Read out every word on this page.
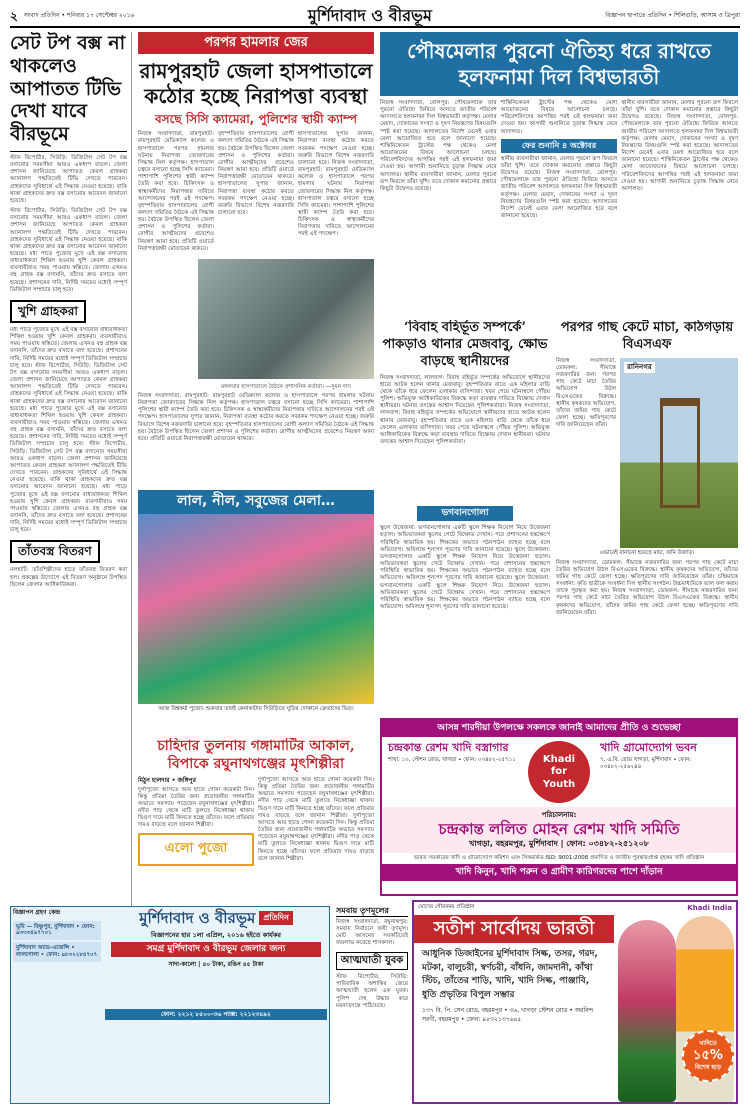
২ সংবাদ প্রতিদিন • শনিবার ১৭ সেপ্টেম্বর ২০১৬	মুর্শিদাবাদ ও বীরভূম	বিজ্ঞাপন ছাপাতে প্রতিদিন • শিলিগুড়ি, আসাম ও ত্রিপুরা
সেট টপ বক্স না থাকলেও আপাতত টিভি দেখা যাবে বীরভূমে
স্টাফ রিপোর্টার, সিউড়ি: ডিজিটাল সেট টপ বক্স বসানোর সময়সীমা আরও একধাপ বাড়ল। জেলা প্রশাসন জানিয়েছে আপাতত কেবল গ্রাহকরা অ্যানালগ পদ্ধতিতেই টিভি দেখতে পারবেন। গ্রাহকদের সুবিধার্থে এই সিদ্ধান্ত নেওয়া হয়েছে। বাকি থাকা গ্রাহকদের দ্রুত বক্স বসানোর আবেদন জানানো হয়েছে।
স্টাফ রিপোর্টার, সিউড়ি: ডিজিটাল সেট টপ বক্স বসানোর সময়সীমা আরও একধাপ বাড়ল। জেলা প্রশাসন জানিয়েছে আপাতত কেবল গ্রাহকরা অ্যানালগ পদ্ধতিতেই টিভি দেখতে পারবেন। গ্রাহকদের সুবিধার্থে এই সিদ্ধান্ত নেওয়া হয়েছে। বাকি থাকা গ্রাহকদের দ্রুত বক্স বসানোর আবেদন জানানো হয়েছে। মধ্য পাড়ে পুজোর মুখে এই বক্স বসানোর বাধ্যবাধকতা শিথিল হওয়ায় খুশি কেবল গ্রাহকরা। ব্যবসায়ীরাও সময় পাওয়ায় স্বস্তিতে। জেলায় এখনও বহু গ্রাহক বক্স বসাননি, তাঁদের দ্রুত বসাতে বলা হয়েছে। প্রশাসনের দাবি, নির্দিষ্ট সময়ের মধ্যেই সম্পূর্ণ ডিজিটাল সম্প্রচার চালু হবে।
খুশি গ্রাহকরা
মধ্য পাড়ে পুজোর মুখে এই বক্স বসানোর বাধ্যবাধকতা শিথিল হওয়ায় খুশি কেবল গ্রাহকরা। ব্যবসায়ীরাও সময় পাওয়ায় স্বস্তিতে। জেলায় এখনও বহু গ্রাহক বক্স বসাননি, তাঁদের দ্রুত বসাতে বলা হয়েছে। প্রশাসনের দাবি, নির্দিষ্ট সময়ের মধ্যেই সম্পূর্ণ ডিজিটাল সম্প্রচার চালু হবে। স্টাফ রিপোর্টার, সিউড়ি: ডিজিটাল সেট টপ বক্স বসানোর সময়সীমা আরও একধাপ বাড়ল। জেলা প্রশাসন জানিয়েছে আপাতত কেবল গ্রাহকরা অ্যানালগ পদ্ধতিতেই টিভি দেখতে পারবেন। গ্রাহকদের সুবিধার্থে এই সিদ্ধান্ত নেওয়া হয়েছে। বাকি থাকা গ্রাহকদের দ্রুত বক্স বসানোর আবেদন জানানো হয়েছে। মধ্য পাড়ে পুজোর মুখে এই বক্স বসানোর বাধ্যবাধকতা শিথিল হওয়ায় খুশি কেবল গ্রাহকরা। ব্যবসায়ীরাও সময় পাওয়ায় স্বস্তিতে। জেলায় এখনও বহু গ্রাহক বক্স বসাননি, তাঁদের দ্রুত বসাতে বলা হয়েছে। প্রশাসনের দাবি, নির্দিষ্ট সময়ের মধ্যেই সম্পূর্ণ ডিজিটাল সম্প্রচার চালু হবে। স্টাফ রিপোর্টার, সিউড়ি: ডিজিটাল সেট টপ বক্স বসানোর সময়সীমা আরও একধাপ বাড়ল। জেলা প্রশাসন জানিয়েছে আপাতত কেবল গ্রাহকরা অ্যানালগ পদ্ধতিতেই টিভি দেখতে পারবেন। গ্রাহকদের সুবিধার্থে এই সিদ্ধান্ত নেওয়া হয়েছে। বাকি থাকা গ্রাহকদের দ্রুত বক্স বসানোর আবেদন জানানো হয়েছে। মধ্য পাড়ে পুজোর মুখে এই বক্স বসানোর বাধ্যবাধকতা শিথিল হওয়ায় খুশি কেবল গ্রাহকরা। ব্যবসায়ীরাও সময় পাওয়ায় স্বস্তিতে। জেলায় এখনও বহু গ্রাহক বক্স বসাননি, তাঁদের দ্রুত বসাতে বলা হয়েছে। প্রশাসনের দাবি, নির্দিষ্ট সময়ের মধ্যেই সম্পূর্ণ ডিজিটাল সম্প্রচার চালু হবে।
তাঁতবস্ত্র বিতরণ
নলহাটি: তাঁতশিল্পীদের হাতে তাঁতবস্ত্র বিতরণ করা হল। প্রকল্পের উদ্যোগে এই বিতরণ অনুষ্ঠানে উপস্থিত ছিলেন জেলার আধিকারিকরা।
পরপর হামলার জের
রামপুরহাট জেলা হাসপাতালে কঠোর হচ্ছে নিরাপত্তা ব্যবস্থা
বসছে সিসি ক্যামেরা, পুলিশের স্থায়ী ক্যাম্প
নিজস্ব সংবাদদাতা, রামপুরহাট: রামপুরহাট মেডিক্যাল কলেজ ও হাসপাতালে পরপর হামলার ঘটনায় নিরাপত্তা জোরদারের সিদ্ধান্ত নিল কর্তৃপক্ষ। হাসপাতাল চত্বরে বসানো হচ্ছে সিসি ক্যামেরা। পাশাপাশি পুলিশের স্থায়ী ক্যাম্প তৈরি করা হবে। চিকিৎসক ও স্বাস্থ্যকর্মীদের নিরাপত্তার দাবিতে আন্দোলনের পরই এই পদক্ষেপ। বৃহস্পতিবার হাসপাতালের রোগী কল্যাণ সমিতির বৈঠকে এই সিদ্ধান্ত হয়। বৈঠকে উপস্থিত ছিলেন জেলা প্রশাসন ও পুলিশের কর্তারা। রোগীর আত্মীয়দের প্রবেশেও নিয়ন্ত্রণ আনা হবে। প্রতিটি ওয়ার্ডে নিরাপত্তারক্ষী মোতায়েন থাকবে।
বৃহস্পতিবার হাসপাতালের রোগী কল্যাণ সমিতির বৈঠকে এই সিদ্ধান্ত হয়। বৈঠকে উপস্থিত ছিলেন জেলা প্রশাসন ও পুলিশের কর্তারা। রোগীর আত্মীয়দের প্রবেশেও নিয়ন্ত্রণ আনা হবে। প্রতিটি ওয়ার্ডে নিরাপত্তারক্ষী মোতায়েন থাকবে। হাসপাতালের সুপার জানান, নিরাপত্তা ব্যবস্থা কঠোর করতে সবরকম পদক্ষেপ নেওয়া হচ্ছে। জরুরি বিভাগে বিশেষ নজরদারি চালানো হবে।
হাসপাতালের সুপার জানান, নিরাপত্তা ব্যবস্থা কঠোর করতে সবরকম পদক্ষেপ নেওয়া হচ্ছে। জরুরি বিভাগে বিশেষ নজরদারি চালানো হবে। নিজস্ব সংবাদদাতা, রামপুরহাট: রামপুরহাট মেডিক্যাল কলেজ ও হাসপাতালে পরপর হামলার ঘটনায় নিরাপত্তা জোরদারের সিদ্ধান্ত নিল কর্তৃপক্ষ। হাসপাতাল চত্বরে বসানো হচ্ছে সিসি ক্যামেরা। পাশাপাশি পুলিশের স্থায়ী ক্যাম্প তৈরি করা হবে। চিকিৎসক ও স্বাস্থ্যকর্মীদের নিরাপত্তার দাবিতে আন্দোলনের পরই এই পদক্ষেপ।
মঙ্গলবার হাসপাতালে বৈঠকে প্রশাসনিক কর্তারা। —সুমন দাস
নিজস্ব সংবাদদাতা, রামপুরহাট: রামপুরহাট মেডিক্যাল কলেজ ও হাসপাতালে পরপর হামলার ঘটনায় নিরাপত্তা জোরদারের সিদ্ধান্ত নিল কর্তৃপক্ষ। হাসপাতাল চত্বরে বসানো হচ্ছে সিসি ক্যামেরা। পাশাপাশি পুলিশের স্থায়ী ক্যাম্প তৈরি করা হবে। চিকিৎসক ও স্বাস্থ্যকর্মীদের নিরাপত্তার দাবিতে আন্দোলনের পরই এই পদক্ষেপ। হাসপাতালের সুপার জানান, নিরাপত্তা ব্যবস্থা কঠোর করতে সবরকম পদক্ষেপ নেওয়া হচ্ছে। জরুরি বিভাগে বিশেষ নজরদারি চালানো হবে। বৃহস্পতিবার হাসপাতালের রোগী কল্যাণ সমিতির বৈঠকে এই সিদ্ধান্ত হয়। বৈঠকে উপস্থিত ছিলেন জেলা প্রশাসন ও পুলিশের কর্তারা। রোগীর আত্মীয়দের প্রবেশেও নিয়ন্ত্রণ আনা হবে। প্রতিটি ওয়ার্ডে নিরাপত্তারক্ষী মোতায়েন থাকবে।
লাল, নীল, সবুজের মেলা…
আজ বিশ্বকর্মা পুজো। শুক্রবার তারই কেনাকাটায় সিউড়িতে ঘুড়ির দোকানে ক্রেতাদের ভিড়।
চাহিদার তুলনায় গঙ্গামাটির আকাল, বিপাকে রঘুনাথগঞ্জের মৃৎশিল্পীরা
মিঠুন হালদার • জঙ্গিপুর
দুর্গাপুজো আসতে আর হাতে গোনা কয়েকটা দিন। কিন্তু প্রতিমা তৈরির জন্য প্রয়োজনীয় গঙ্গামাটির অভাবে সমস্যায় পড়েছেন রঘুনাথগঞ্জের মৃৎশিল্পীরা। নদীর পাড় থেকে মাটি তুলতে নিষেধাজ্ঞা থাকায় দ্বিগুণ দামে মাটি কিনতে হচ্ছে তাঁদের। ফলে প্রতিমার দামও বাড়ছে বলে জানান শিল্পীরা।
এলো পুজো
দুর্গাপুজো আসতে আর হাতে গোনা কয়েকটা দিন। কিন্তু প্রতিমা তৈরির জন্য প্রয়োজনীয় গঙ্গামাটির অভাবে সমস্যায় পড়েছেন রঘুনাথগঞ্জের মৃৎশিল্পীরা। নদীর পাড় থেকে মাটি তুলতে নিষেধাজ্ঞা থাকায় দ্বিগুণ দামে মাটি কিনতে হচ্ছে তাঁদের। ফলে প্রতিমার দামও বাড়ছে বলে জানান শিল্পীরা। দুর্গাপুজো আসতে আর হাতে গোনা কয়েকটা দিন। কিন্তু প্রতিমা তৈরির জন্য প্রয়োজনীয় গঙ্গামাটির অভাবে সমস্যায় পড়েছেন রঘুনাথগঞ্জের মৃৎশিল্পীরা। নদীর পাড় থেকে মাটি তুলতে নিষেধাজ্ঞা থাকায় দ্বিগুণ দামে মাটি কিনতে হচ্ছে তাঁদের। ফলে প্রতিমার দামও বাড়ছে বলে জানান শিল্পীরা।
পৌষমেলার পুরনো ঐতিহ্য ধরে রাখতে হলফনামা দিল বিশ্বভারতী
নিজস্ব সংবাদদাতা, বোলপুর: পৌষমেলাকে তার পুরনো ঐতিহ্যে ফিরিয়ে আনতে জাতীয় পরিবেশ আদালতে হলফনামা দিল বিশ্বভারতী কর্তৃপক্ষ। মেলার মেয়াদ, দোকানের সংখ্যা ও দূষণ নিয়ন্ত্রণের বিষয়গুলি স্পষ্ট করা হয়েছে। আদালতের নির্দেশ মেনেই এবার মেলা আয়োজিত হবে বলে জানানো হয়েছে। শান্তিনিকেতন ট্রাস্টের পক্ষ থেকেও মেলা আয়োজনের বিষয়ে আলোচনা চলছে। পরিবেশবিদদের আপত্তির পরই এই হলফনামা জমা দেওয়া হয়। আগামী শুনানিতে চূড়ান্ত সিদ্ধান্ত নেবে আদালত। স্থানীয় ব্যবসায়ীরা জানান, মেলার পুরনো রূপ ফিরলে তাঁরা খুশি। তবে দোকান কমানোর প্রস্তাবে কিছুটা উদ্বেগও রয়েছে।
শান্তিনিকেতন ট্রাস্টের পক্ষ থেকেও মেলা আয়োজনের বিষয়ে আলোচনা চলছে। পরিবেশবিদদের আপত্তির পরই এই হলফনামা জমা দেওয়া হয়। আগামী শুনানিতে চূড়ান্ত সিদ্ধান্ত নেবে আদালত।
ফের শুনানি ৪ অক্টোবর
স্থানীয় ব্যবসায়ীরা জানান, মেলার পুরনো রূপ ফিরলে তাঁরা খুশি। তবে দোকান কমানোর প্রস্তাবে কিছুটা উদ্বেগও রয়েছে। নিজস্ব সংবাদদাতা, বোলপুর: পৌষমেলাকে তার পুরনো ঐতিহ্যে ফিরিয়ে আনতে জাতীয় পরিবেশ আদালতে হলফনামা দিল বিশ্বভারতী কর্তৃপক্ষ। মেলার মেয়াদ, দোকানের সংখ্যা ও দূষণ নিয়ন্ত্রণের বিষয়গুলি স্পষ্ট করা হয়েছে। আদালতের নির্দেশ মেনেই এবার মেলা আয়োজিত হবে বলে জানানো হয়েছে।
স্থানীয় ব্যবসায়ীরা জানান, মেলার পুরনো রূপ ফিরলে তাঁরা খুশি। তবে দোকান কমানোর প্রস্তাবে কিছুটা উদ্বেগও রয়েছে। নিজস্ব সংবাদদাতা, বোলপুর: পৌষমেলাকে তার পুরনো ঐতিহ্যে ফিরিয়ে আনতে জাতীয় পরিবেশ আদালতে হলফনামা দিল বিশ্বভারতী কর্তৃপক্ষ। মেলার মেয়াদ, দোকানের সংখ্যা ও দূষণ নিয়ন্ত্রণের বিষয়গুলি স্পষ্ট করা হয়েছে। আদালতের নির্দেশ মেনেই এবার মেলা আয়োজিত হবে বলে জানানো হয়েছে। শান্তিনিকেতন ট্রাস্টের পক্ষ থেকেও মেলা আয়োজনের বিষয়ে আলোচনা চলছে। পরিবেশবিদদের আপত্তির পরই এই হলফনামা জমা দেওয়া হয়। আগামী শুনানিতে চূড়ান্ত সিদ্ধান্ত নেবে আদালত।
‘বিবাহ বহির্ভূত সম্পর্কে’ পাকড়াও থানার মেজবাবু, ক্ষোভ বাড়ছে স্থানীয়দের
নিজস্ব সংবাদদাতা, লালবাগ: বিবাহ বহির্ভূত সম্পর্কের অভিযোগে স্থানীয়দের হাতে আটক হলেন থানার মেজবাবু। বৃহস্পতিবার রাতে এক মহিলার বাড়ি থেকে তাঁকে ধরে ফেলেন এলাকার বাসিন্দারা। খবর পেয়ে ঘটনাস্থলে পৌঁছয় পুলিশ। অভিযুক্ত আধিকারিকের বিরুদ্ধে কড়া ব্যবস্থার দাবিতে বিক্ষোভ দেখান স্থানীয়রা। ঘটনার তদন্তের আশ্বাস দিয়েছেন পুলিশকর্তারা। নিজস্ব সংবাদদাতা, লালবাগ: বিবাহ বহির্ভূত সম্পর্কের অভিযোগে স্থানীয়দের হাতে আটক হলেন থানার মেজবাবু। বৃহস্পতিবার রাতে এক মহিলার বাড়ি থেকে তাঁকে ধরে ফেলেন এলাকার বাসিন্দারা। খবর পেয়ে ঘটনাস্থলে পৌঁছয় পুলিশ। অভিযুক্ত আধিকারিকের বিরুদ্ধে কড়া ব্যবস্থার দাবিতে বিক্ষোভ দেখান স্থানীয়রা। ঘটনার তদন্তের আশ্বাস দিয়েছেন পুলিশকর্তারা।
ভগবানগোলা
স্কুলে উত্তেজনা: ভগবানগোলার একটি স্কুলে শিক্ষক নিয়োগ নিয়ে উত্তেজনা ছড়াল। অভিভাবকরা স্কুলের গেটে বিক্ষোভ দেখান। পরে প্রশাসনের হস্তক্ষেপে পরিস্থিতি স্বাভাবিক হয়। শিক্ষকের অভাবে পঠনপাঠন ব্যাহত হচ্ছে বলে অভিযোগ। অবিলম্বে শূন্যপদ পূরণের দাবি জানানো হয়েছে। স্কুলে উত্তেজনা: ভগবানগোলার একটি স্কুলে শিক্ষক নিয়োগ নিয়ে উত্তেজনা ছড়াল। অভিভাবকরা স্কুলের গেটে বিক্ষোভ দেখান। পরে প্রশাসনের হস্তক্ষেপে পরিস্থিতি স্বাভাবিক হয়। শিক্ষকের অভাবে পঠনপাঠন ব্যাহত হচ্ছে বলে অভিযোগ। অবিলম্বে শূন্যপদ পূরণের দাবি জানানো হয়েছে। স্কুলে উত্তেজনা: ভগবানগোলার একটি স্কুলে শিক্ষক নিয়োগ নিয়ে উত্তেজনা ছড়াল। অভিভাবকরা স্কুলের গেটে বিক্ষোভ দেখান। পরে প্রশাসনের হস্তক্ষেপে পরিস্থিতি স্বাভাবিক হয়। শিক্ষকের অভাবে পঠনপাঠন ব্যাহত হচ্ছে বলে অভিযোগ। অবিলম্বে শূন্যপদ পূরণের দাবি জানানো হয়েছে।
পরপর গাছ কেটে মাচা, কাঠগড়ায় বিএসএফ
নিজস্ব সংবাদদাতা, ডোমকল: সীমান্তে নজরদারির জন্য পরপর গাছ কেটে মাচা তৈরির অভিযোগ উঠল বিএসএফের বিরুদ্ধে। স্থানীয় কৃষকদের অভিযোগ, তাঁদের জমির গাছ কেটে ফেলা হচ্ছে। ক্ষতিপূরণের দাবি জানিয়েছেন তাঁরা।
রানিনগর
এভাবেই বানানো হয়েছে মাচা, জমি উজাড়।
নিজস্ব সংবাদদাতা, ডোমকল: সীমান্তে নজরদারির জন্য পরপর গাছ কেটে মাচা তৈরির অভিযোগ উঠল বিএসএফের বিরুদ্ধে। স্থানীয় কৃষকদের অভিযোগ, তাঁদের জমির গাছ কেটে ফেলা হচ্ছে। ক্ষতিপূরণের দাবি জানিয়েছেন তাঁরা। চন্দ্রিমাকে সংবর্ধনা: কৃতি ছাত্রীকে সংবর্ধনা দিল স্থানীয় সংগঠন। উচ্চমাধ্যমিকে ভাল ফল করায় তাকে পুরস্কৃত করা হয়। নিজস্ব সংবাদদাতা, ডোমকল: সীমান্তে নজরদারির জন্য পরপর গাছ কেটে মাচা তৈরির অভিযোগ উঠল বিএসএফের বিরুদ্ধে। স্থানীয় কৃষকদের অভিযোগ, তাঁদের জমির গাছ কেটে ফেলা হচ্ছে। ক্ষতিপূরণের দাবি জানিয়েছেন তাঁরা।
আসন্ন শারদীয়া উপলক্ষে সকলকে জানাই আমাদের প্রীতি ও শুভেচ্ছা
চন্দ্রকান্ত রেশম খাদি বস্ত্রাগার
শাখা: ১০, স্টেশন রোড, খাগড়া • ফোন: ০৩৪৮২-২৫৭১১	Khadi
for
Youth
খাদি গ্রামোদ্যোগ ভবন
৭, এ.বি. রোড খাগড়া, মুর্শিদাবাদ • ফোন: ০৩৪৮২-২৫৬২৪৪
পরিচালনায়:
চন্দ্রকান্ত ললিত মোহন রেশম খাদি সমিতি
খাগড়া, বহরমপুর, মুর্শিদাবাদ | ফোন: ০৩৪৮২-২৫১২০৮
ভারত সরকারের খাদি ও গ্রামোদ্যোগ কমিশন এবং সিকমার্কড ISO: 9001:2008 প্রমাণিত ও জাতীয় পুরস্কারপ্রাপ্ত বৃহত্তম খাদি প্রতিষ্ঠান
খাদি কিনুন, খাদি পরুন ও গ্রামীণ কারিগরদের পাশে দাঁড়ান
বিজ্ঞাপন গ্রহণ কেন্দ্র
ভূমি — বিষ্ণুপুর, মুর্শিদাবাদ • ফোন: ৯৩৩৩৪৯৭৭০১
মুর্শিদাবাদ অ্যাড-এজেন্সি • লালগোলা • ফোন: ৯৮৩২২৮৪৭০৭
মুর্শিদাবাদ ও বীরভূম	প্রতিদিন
বিজ্ঞাপনের হার ১লা এপ্রিল, ২০১৬ হইতে কার্যকর
সমগ্র মুর্শিদাবাদ ও বীরভূম জেলার জন্য
সাদা-কালো | ৪০ টাকা, রঙিন ৪৫ টাকা
ফোন: ২২১২ ৮৫০০-৩৬ প্যাক্স: ২২১২৩৪৯২
সমবায় তৃণমূলের
নিজস্ব সংবাদদাতা, রঘুনাথপুর: সমবায় নির্বাচনে জয়ী তৃণমূল। মোট আসনের সবকটিতেই জয়লাভ করেছে শাসকদল।
আত্মঘাতী যুবক
স্টাফ রিপোর্টার, সিউড়ি: পারিবারিক অশান্তির জেরে আত্মঘাতী হলেন এক যুবক। পুলিশ দেহ উদ্ধার করে ময়নাতদন্তে পাঠিয়েছে।
মোদের গৌরবময় প্রতিষ্ঠান	Khadi India
সতীশ সার্বোদয় ভারতী
আধুনিক ডিজাইনের মুর্শিদাবাদ সিল্ক, তসর, গরদ, মটকা, বালুচরী, স্বর্ণচরী, বাঁধনি, জামদানী, কাঁথা স্টিচ, তাঁতের শাড়ি, খাদি, খাদি সিল্ক, পাঞ্জাবি, ধুতি প্রভৃতির বিপুল সম্ভার
১৩৭ বি. পি. সেন রোড, বহরমপুর • ৩৬, খাগড়া স্টেশন রোড • অরবিন্দ সরণী, বহরমপুর • ফোন: ৯৮৩২১৩৭৬৪৫
খাদিতে
১৫%
বিশেষ ছাড়
